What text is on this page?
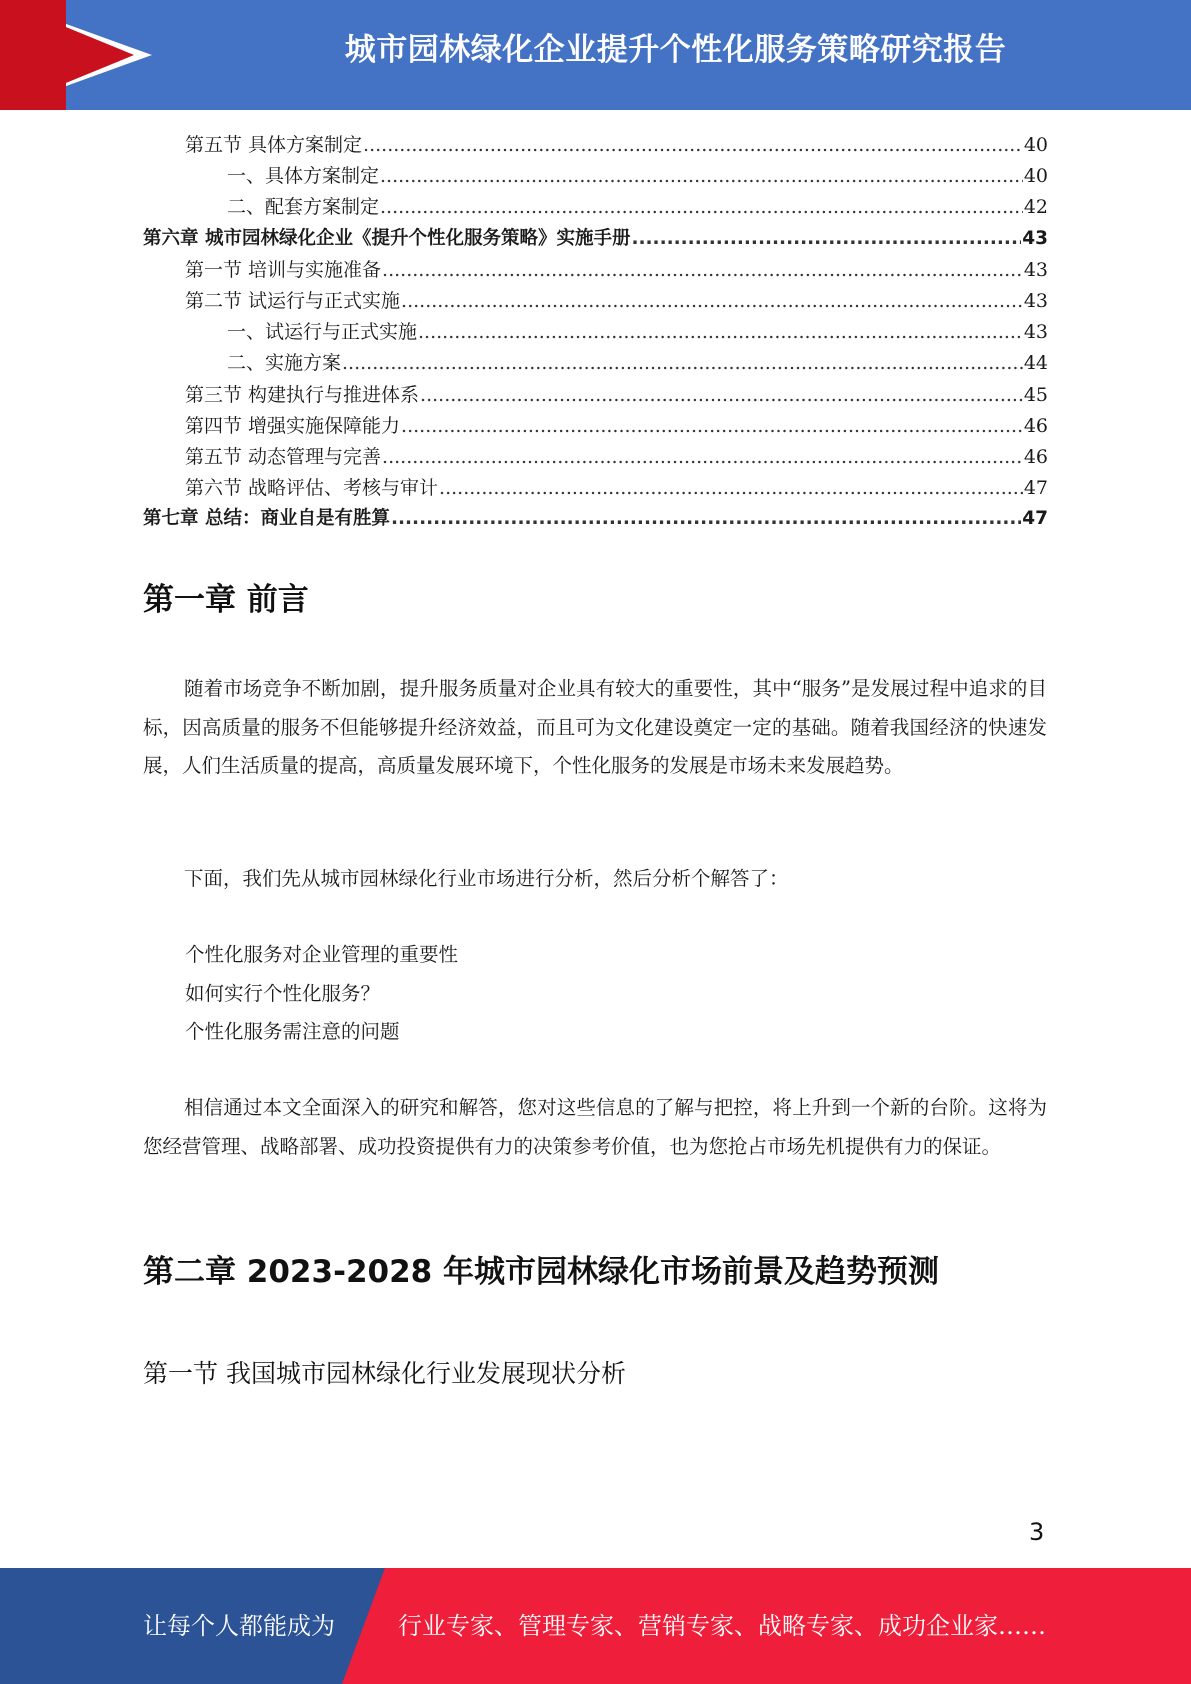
城市园林绿化企业提升个性化服务策略研究报告
第五节 具体方案制定 .....	40
一、具体方案制定 .....	40
二、配套方案制定 .....	42
第六章 城市园林绿化企业《提升个性化服务策略》实施手册 .....	43
第一节 培训与实施准备 .....	43
第二节 试运行与正式实施 .....	43
一、试运行与正式实施 .....	43
二、实施方案 .....	44
第三节 构建执行与推进体系 .....	45
第四节 增强实施保障能力 .....	46
第五节 动态管理与完善 .....	46
第六节 战略评估、考核与审计 .....	47
第七章 总结：商业自是有胜算 .....	47
第一章 前言
随着市场竞争不断加剧，提升服务质量对企业具有较大的重要性，其中“服务”是发展过程中追求的目标，因高质量的服务不但能够提升经济效益，而且可为文化建设奠定一定的基础。随着我国经济的快速发展，人们生活质量的提高，高质量发展环境下，个性化服务的发展是市场未来发展趋势。
下面，我们先从城市园林绿化行业市场进行分析，然后分析个解答了：
个性化服务对企业管理的重要性
如何实行个性化服务？
个性化服务需注意的问题
相信通过本文全面深入的研究和解答，您对这些信息的了解与把控，将上升到一个新的台阶。这将为您经营管理、战略部署、成功投资提供有力的决策参考价值，也为您抢占市场先机提供有力的保证。
第二章 2023-2028 年城市园林绿化市场前景及趋势预测
第一节 我国城市园林绿化行业发展现状分析
3
让每个人都能成为	行业专家、管理专家、营销专家、战略专家、成功企业家……
